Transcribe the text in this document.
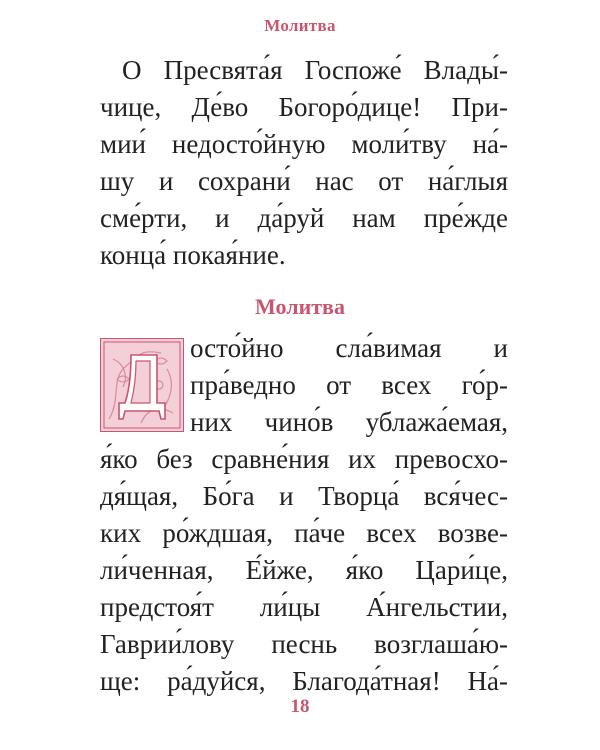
Молитва
О Пресвята́я Госпоже́ Влады́-
чице, Де́во Богоро́дице! При-
мии́ недосто́йную моли́тву на́-
шу и сохрани́ нас от на́глыя
сме́рти, и да́руй нам пре́жде
конца́ покая́ние.
Молитва
Д
осто́йно сла́вимая и
пра́ведно от всех го́р-
них чино́в ублажа́емая,
я́ко без сравне́ния их превосхо-
дя́щая, Бо́га и Творца́ вся́чес-
ких ро́ждшая, па́че всех возве-
ли́ченная, Е́йже, я́ко Цари́це,
предстоя́т ли́цы А́нгельстии,
Гаврии́лову песнь возглаша́ю-
ще: ра́дуйся, Благода́тная! На́-
18
